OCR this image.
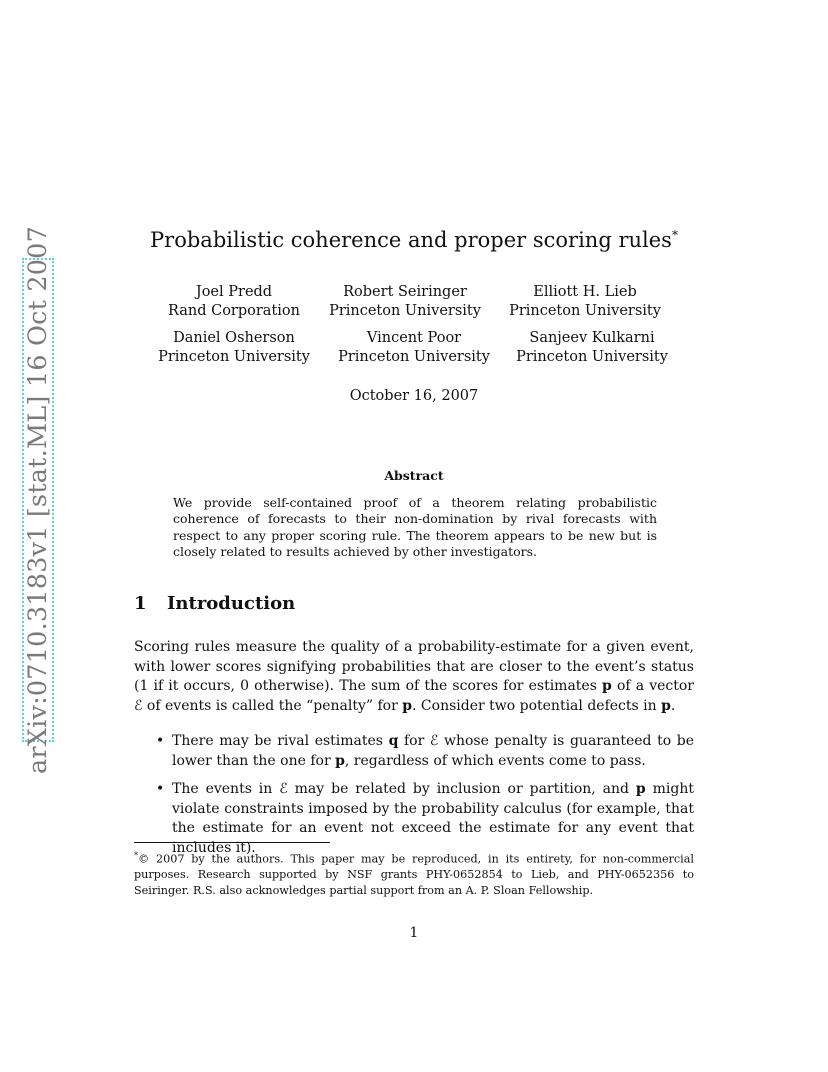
arXiv:0710.3183v1 [stat.ML] 16 Oct 2007	Probabilistic coherence and proper scoring rules*
Joel Predd
Rand Corporation
Robert Seiringer
Princeton University
Elliott H. Lieb
Princeton University
Daniel Osherson
Princeton University
Vincent Poor
Princeton University
Sanjeev Kulkarni
Princeton University
October 16, 2007
Abstract
We provide self-contained proof of a theorem relating probabilistic coherence of forecasts to their non-domination by rival forecasts with respect to any proper scoring rule. The theorem appears to be new but is closely related to results achieved by other investigators.
1 Introduction
Scoring rules measure the quality of a probability-estimate for a given event, with lower scores signifying probabilities that are closer to the event’s status (1 if it occurs, 0 otherwise). The sum of the scores for estimates p of a vector ℰ of events is called the “penalty” for p. Consider two potential defects in p.
• There may be rival estimates q for ℰ whose penalty is guaranteed to be lower than the one for p, regardless of which events come to pass.
• The events in ℰ may be related by inclusion or partition, and p might violate constraints imposed by the probability calculus (for example, that the estimate for an event not exceed the estimate for any event that includes it).
*© 2007 by the authors. This paper may be reproduced, in its entirety, for non-commercial purposes. Research supported by NSF grants PHY-0652854 to Lieb, and PHY-0652356 to Seiringer. R.S. also acknowledges partial support from an A. P. Sloan Fellowship.
1
